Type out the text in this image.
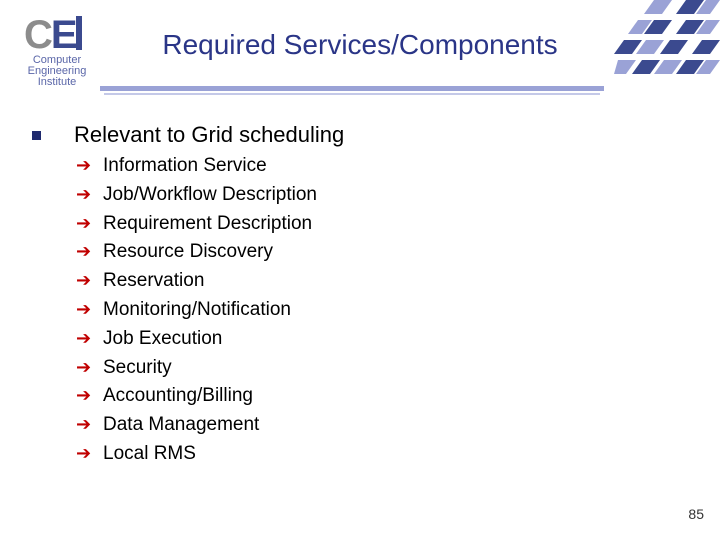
CE
Computer
Engineering
Institute
Required Services/Components
Relevant to Grid scheduling
➔ Information Service
➔ Job/Workflow Description
➔ Requirement Description
➔ Resource Discovery
➔ Reservation
➔ Monitoring/Notification
➔ Job Execution
➔ Security
➔ Accounting/Billing
➔ Data Management
➔ Local RMS
85
